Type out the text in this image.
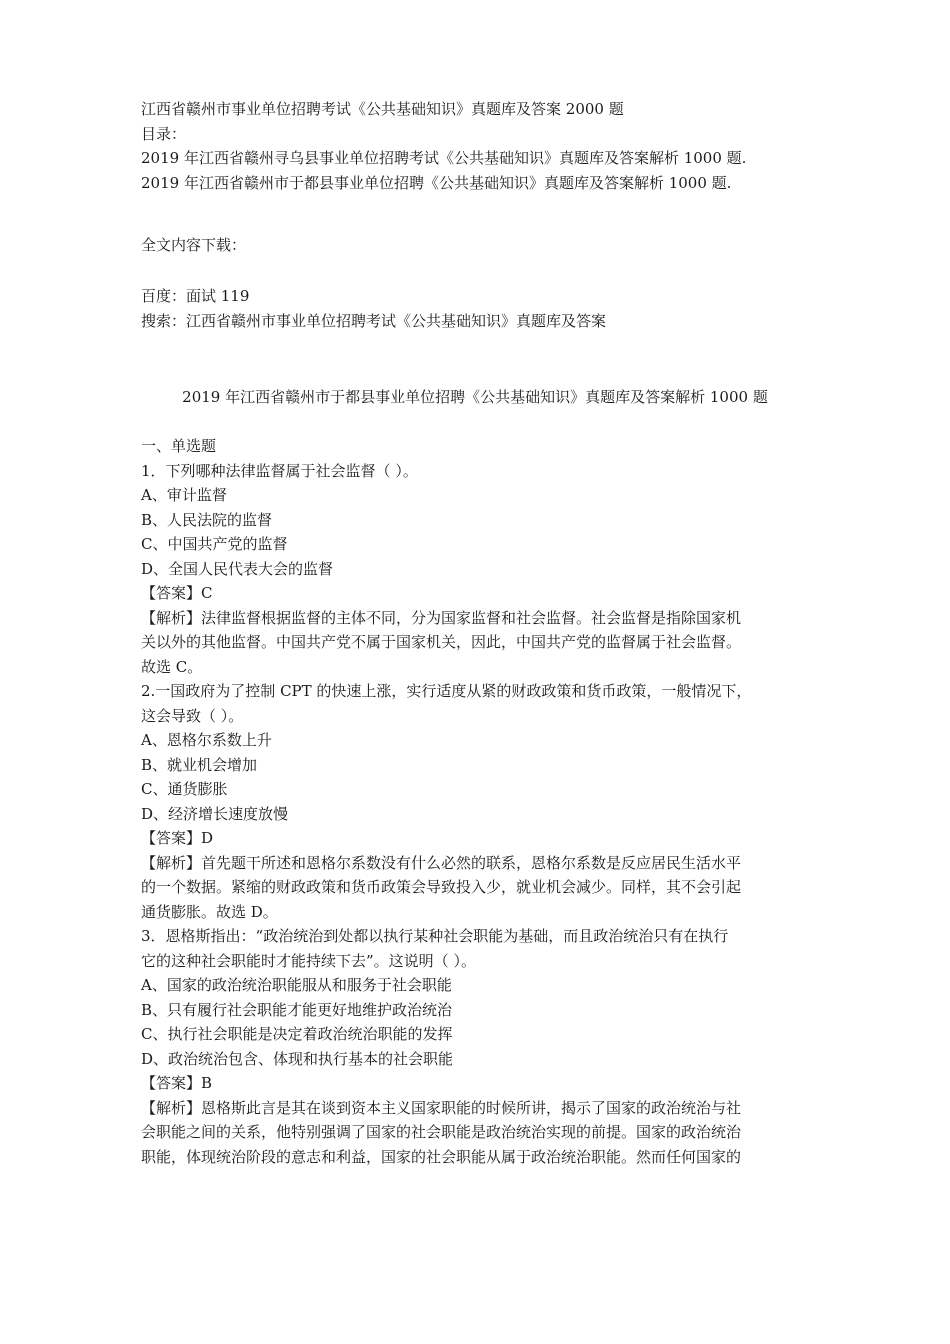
江西省赣州市事业单位招聘考试《公共基础知识》真题库及答案 2000 题
目录：
2019 年江西省赣州寻乌县事业单位招聘考试《公共基础知识》真题库及答案解析 1000 题.
2019 年江西省赣州市于都县事业单位招聘《公共基础知识》真题库及答案解析 1000 题.
全文内容下载：
百度：面试 119
搜索：江西省赣州市事业单位招聘考试《公共基础知识》真题库及答案
2019 年江西省赣州市于都县事业单位招聘《公共基础知识》真题库及答案解析 1000 题
一、单选题
1．下列哪种法律监督属于社会监督（ ）。
A、审计监督
B、人民法院的监督
C、中国共产党的监督
D、全国人民代表大会的监督
【答案】C
【解析】法律监督根据监督的主体不同，分为国家监督和社会监督。社会监督是指除国家机
关以外的其他监督。中国共产党不属于国家机关，因此，中国共产党的监督属于社会监督。
故选 C。
2.一国政府为了控制 CPT 的快速上涨，实行适度从紧的财政政策和货币政策，一般情况下，
这会导致（ ）。
A、恩格尔系数上升
B、就业机会增加
C、通货膨胀
D、经济增长速度放慢
【答案】D
【解析】首先题干所述和恩格尔系数没有什么必然的联系，恩格尔系数是反应居民生活水平
的一个数据。紧缩的财政政策和货币政策会导致投入少，就业机会减少。同样，其不会引起
通货膨胀。故选 D。
3．恩格斯指出：“政治统治到处都以执行某种社会职能为基础，而且政治统治只有在执行
它的这种社会职能时才能持续下去”。这说明（ ）。
A、国家的政治统治职能服从和服务于社会职能
B、只有履行社会职能才能更好地维护政治统治
C、执行社会职能是决定着政治统治职能的发挥
D、政治统治包含、体现和执行基本的社会职能
【答案】B
【解析】恩格斯此言是其在谈到资本主义国家职能的时候所讲，揭示了国家的政治统治与社
会职能之间的关系，他特别强调了国家的社会职能是政治统治实现的前提。国家的政治统治
职能，体现统治阶段的意志和利益，国家的社会职能从属于政治统治职能。然而任何国家的
